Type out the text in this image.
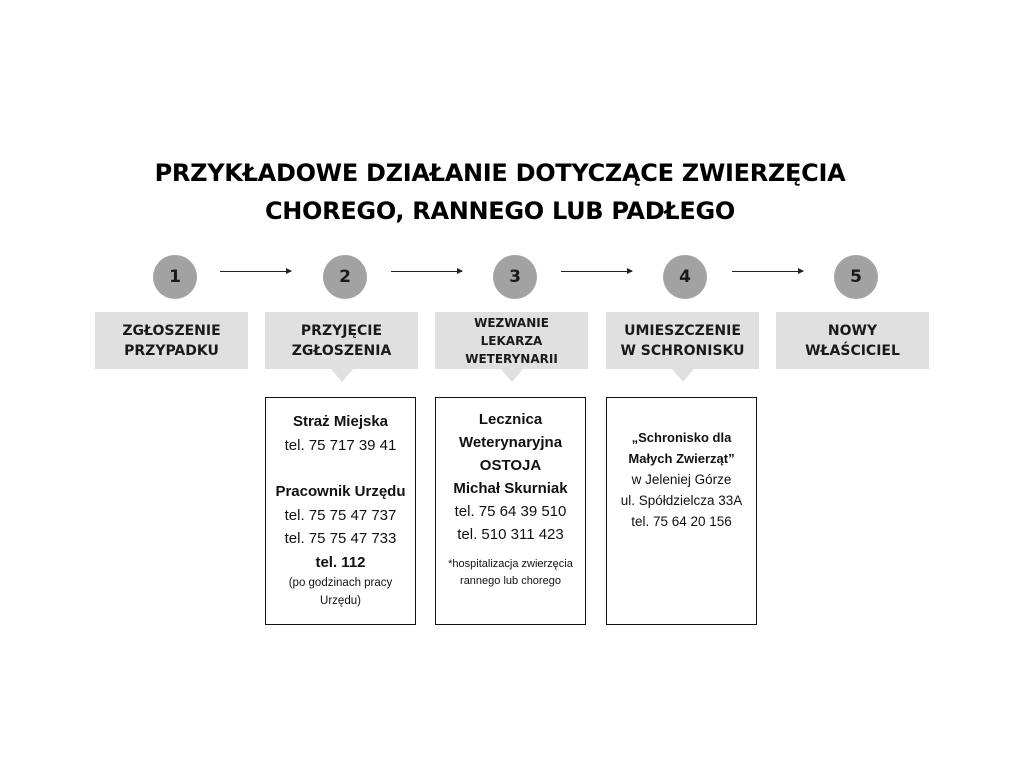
PRZYKŁADOWE DZIAŁANIE DOTYCZĄCE ZWIERZĘCIA
CHOREGO, RANNEGO LUB PADŁEGO
1	2	3	4	5
ZGŁOSZENIE
PRZYPADKU
PRZYJĘCIE
ZGŁOSZENIA
WEZWANIE
LEKARZA
WETERYNARII
UMIESZCZENIE
W SCHRONISKU
NOWY
WŁAŚCICIEL
Straż Miejska
tel. 75 717 39 41
Pracownik Urzędu
tel. 75 75 47 737
tel. 75 75 47 733
tel. 112
(po godzinach pracy
Urzędu)
Lecznica
Weterynaryjna
OSTOJA
Michał Skurniak
tel. 75 64 39 510
tel. 510 311 423
*hospitalizacja zwierzęcia
rannego lub chorego
„Schronisko dla
Małych Zwierząt”
w Jeleniej Górze
ul. Spółdzielcza 33A
tel. 75 64 20 156
